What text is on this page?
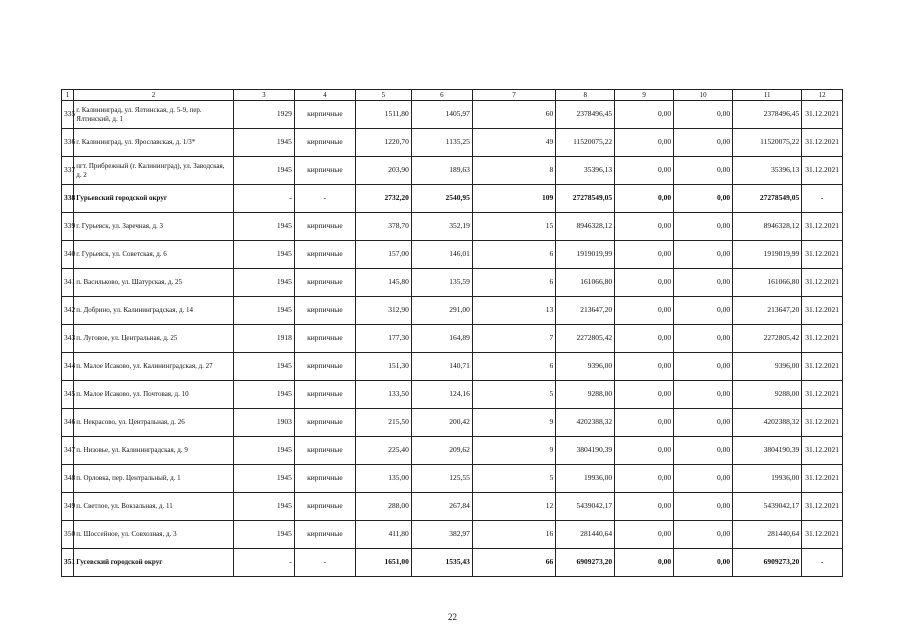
1	2	3	4	5	6	7	8	9	10	11	12
335	г. Калининград, ул. Ялтинская, д. 5-9, пер. Ялтинский, д. 1	1929	кирпичные	1511,80	1405,97	60	2378496,45	0,00	0,00	2378496,45	31.12.2021
336	г. Калининград, ул. Ярославская, д. 1/3*	1945	кирпичные	1220,70	1135,25	49	11520075,22	0,00	0,00	11520075,22	31.12.2021
337	пгт. Прибрежный (г. Калининград), ул. Заводская, д. 2	1945	кирпичные	203,90	189,63	8	35396,13	0,00	0,00	35396,13	31.12.2021
338	Гурьевский городской округ	-	-	2732,20	2540,95	109	27278549,05	0,00	0,00	27278549,05	-
339	г. Гурьевск, ул. Заречная, д. 3	1945	кирпичные	378,70	352,19	15	8946328,12	0,00	0,00	8946328,12	31.12.2021
340	г. Гурьевск, ул. Советская, д. 6	1945	кирпичные	157,00	146,01	6	1919019,99	0,00	0,00	1919019,99	31.12.2021
341	п. Васильково, ул. Шатурская, д. 25	1945	кирпичные	145,80	135,59	6	161066,80	0,00	0,00	161066,80	31.12.2021
342	п. Добрино, ул. Калининградская, д. 14	1945	кирпичные	312,90	291,00	13	213647,20	0,00	0,00	213647,20	31.12.2021
343	п. Луговое, ул. Центральная, д. 25	1918	кирпичные	177,30	164,89	7	2272805,42	0,00	0,00	2272805,42	31.12.2021
344	п. Малое Исаково, ул. Калининградская, д. 27	1945	кирпичные	151,30	140,71	6	9396,00	0,00	0,00	9396,00	31.12.2021
345	п. Малое Исаково, ул. Почтовая, д. 10	1945	кирпичные	133,50	124,16	5	9288,00	0,00	0,00	9288,00	31.12.2021
346	п. Некрасово, ул. Центральная, д. 26	1903	кирпичные	215,50	200,42	9	4202388,32	0,00	0,00	4202388,32	31.12.2021
347	п. Низовье, ул. Калининградская, д. 9	1945	кирпичные	225,40	209,62	9	3804190,39	0,00	0,00	3804190,39	31.12.2021
348	п. Орловка, пер. Центральный, д. 1	1945	кирпичные	135,00	125,55	5	19936,00	0,00	0,00	19936,00	31.12.2021
349	п. Светлое, ул. Вокзальная, д. 11	1945	кирпичные	288,00	267,84	12	5439042,17	0,00	0,00	5439042,17	31.12.2021
350	п. Шоссейное, ул. Совхозная, д. 3	1945	кирпичные	411,80	382,97	16	281440,64	0,00	0,00	281440,64	31.12.2021
351	Гусевский городской округ	-	-	1651,00	1535,43	66	6909273,20	0,00	0,00	6909273,20	-
22
